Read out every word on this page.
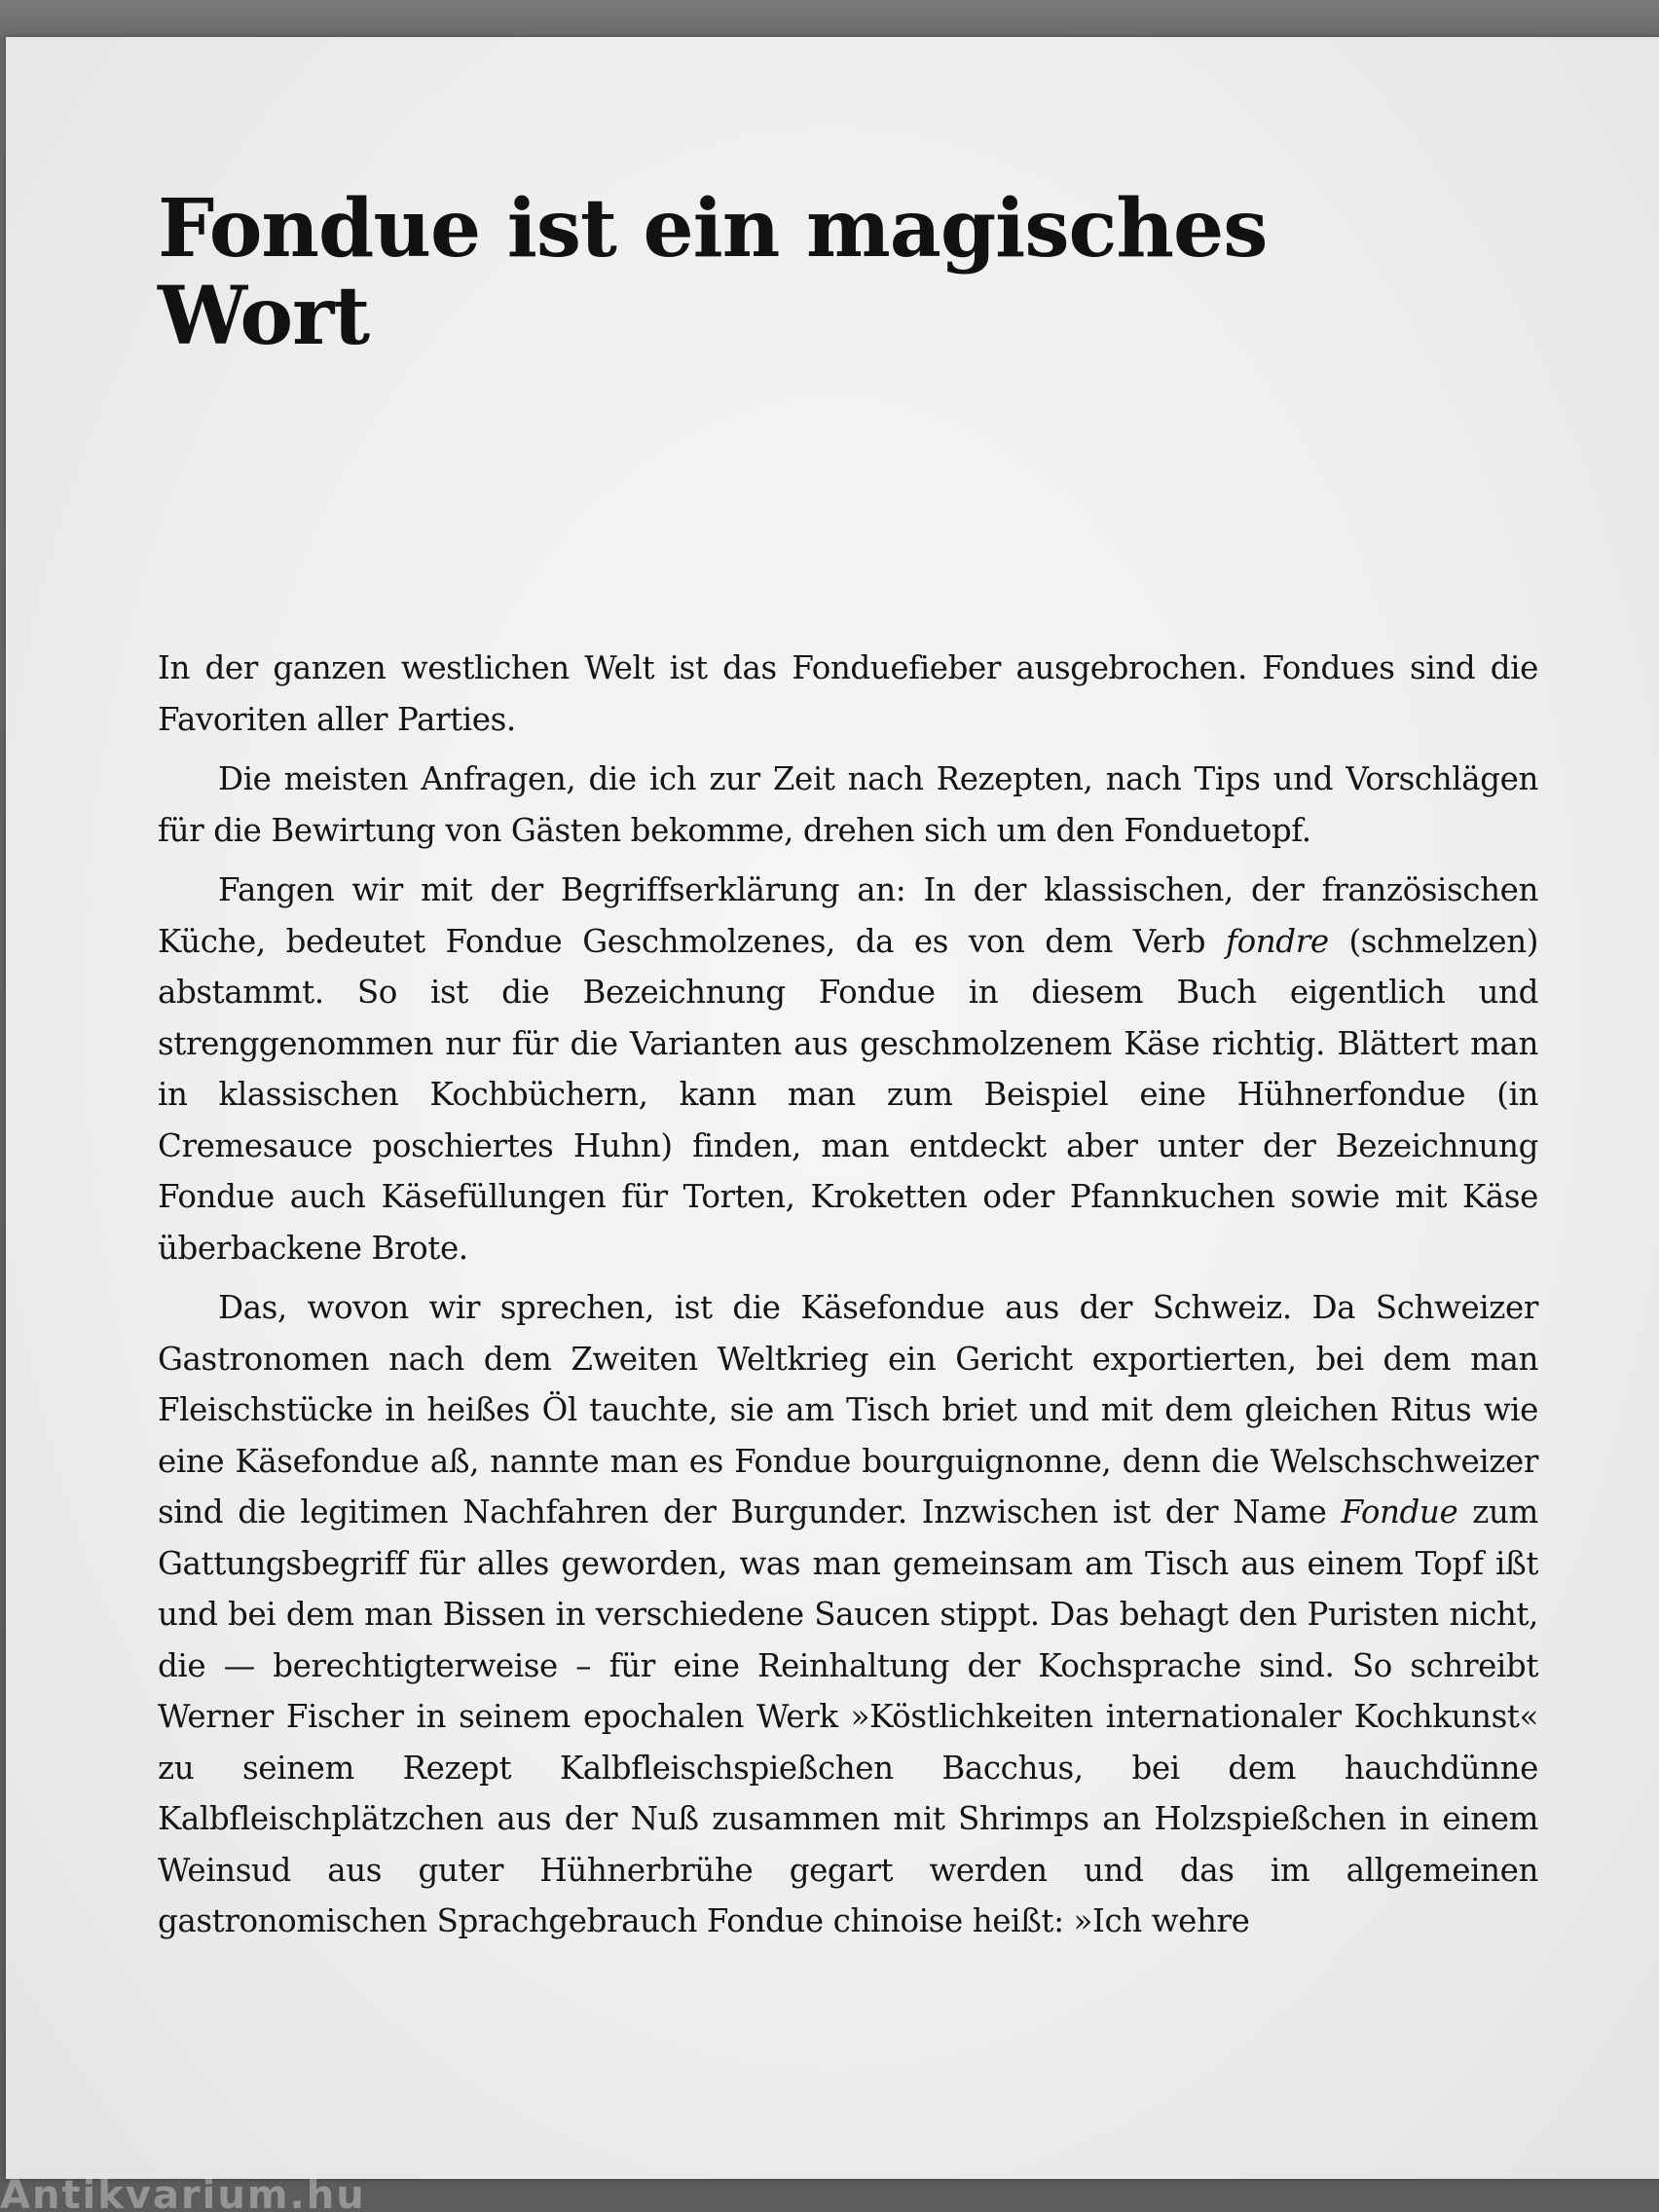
Fondue ist ein magisches
Wort

In der ganzen westlichen Welt ist das Fonduefieber ausgebrochen. Fondues sind die Favoriten aller Parties.

Die meisten Anfragen, die ich zur Zeit nach Rezepten, nach Tips und Vorschlägen für die Bewirtung von Gästen bekomme, drehen sich um den Fonduetopf.

Fangen wir mit der Begriffserklärung an: In der klassischen, der französischen Küche, bedeutet Fondue Geschmolzenes, da es von dem Verb fondre (schmelzen) abstammt. So ist die Bezeichnung Fondue in diesem Buch eigentlich und strenggenommen nur für die Varianten aus geschmolzenem Käse richtig. Blättert man in klassischen Kochbüchern, kann man zum Beispiel eine Hühnerfondue (in Cremesauce poschiertes Huhn) finden, man entdeckt aber unter der Bezeichnung Fondue auch Käsefüllungen für Torten, Kroketten oder Pfannkuchen sowie mit Käse überbackene Brote.

Das, wovon wir sprechen, ist die Käsefondue aus der Schweiz. Da Schweizer Gastronomen nach dem Zweiten Weltkrieg ein Gericht exportierten, bei dem man Fleischstücke in heißes Öl tauchte, sie am Tisch briet und mit dem gleichen Ritus wie eine Käsefondue aß, nannte man es Fondue bourguignonne, denn die Welschschweizer sind die legitimen Nachfahren der Burgunder. Inzwischen ist der Name Fondue zum Gattungsbegriff für alles geworden, was man gemeinsam am Tisch aus einem Topf ißt und bei dem man Bissen in verschiedene Saucen stippt. Das behagt den Puristen nicht, die — berechtigterweise – für eine Reinhaltung der Kochsprache sind. So schreibt Werner Fischer in seinem epochalen Werk »Köstlichkeiten internationaler Kochkunst« zu seinem Rezept Kalbfleischspießchen Bacchus, bei dem hauchdünne Kalbfleischplätzchen aus der Nuß zusammen mit Shrimps an Holzspießchen in einem Weinsud aus guter Hühnerbrühe gegart werden und das im allgemeinen gastronomischen Sprachgebrauch Fondue chinoise heißt: »Ich wehre

Antikvarium.hu
